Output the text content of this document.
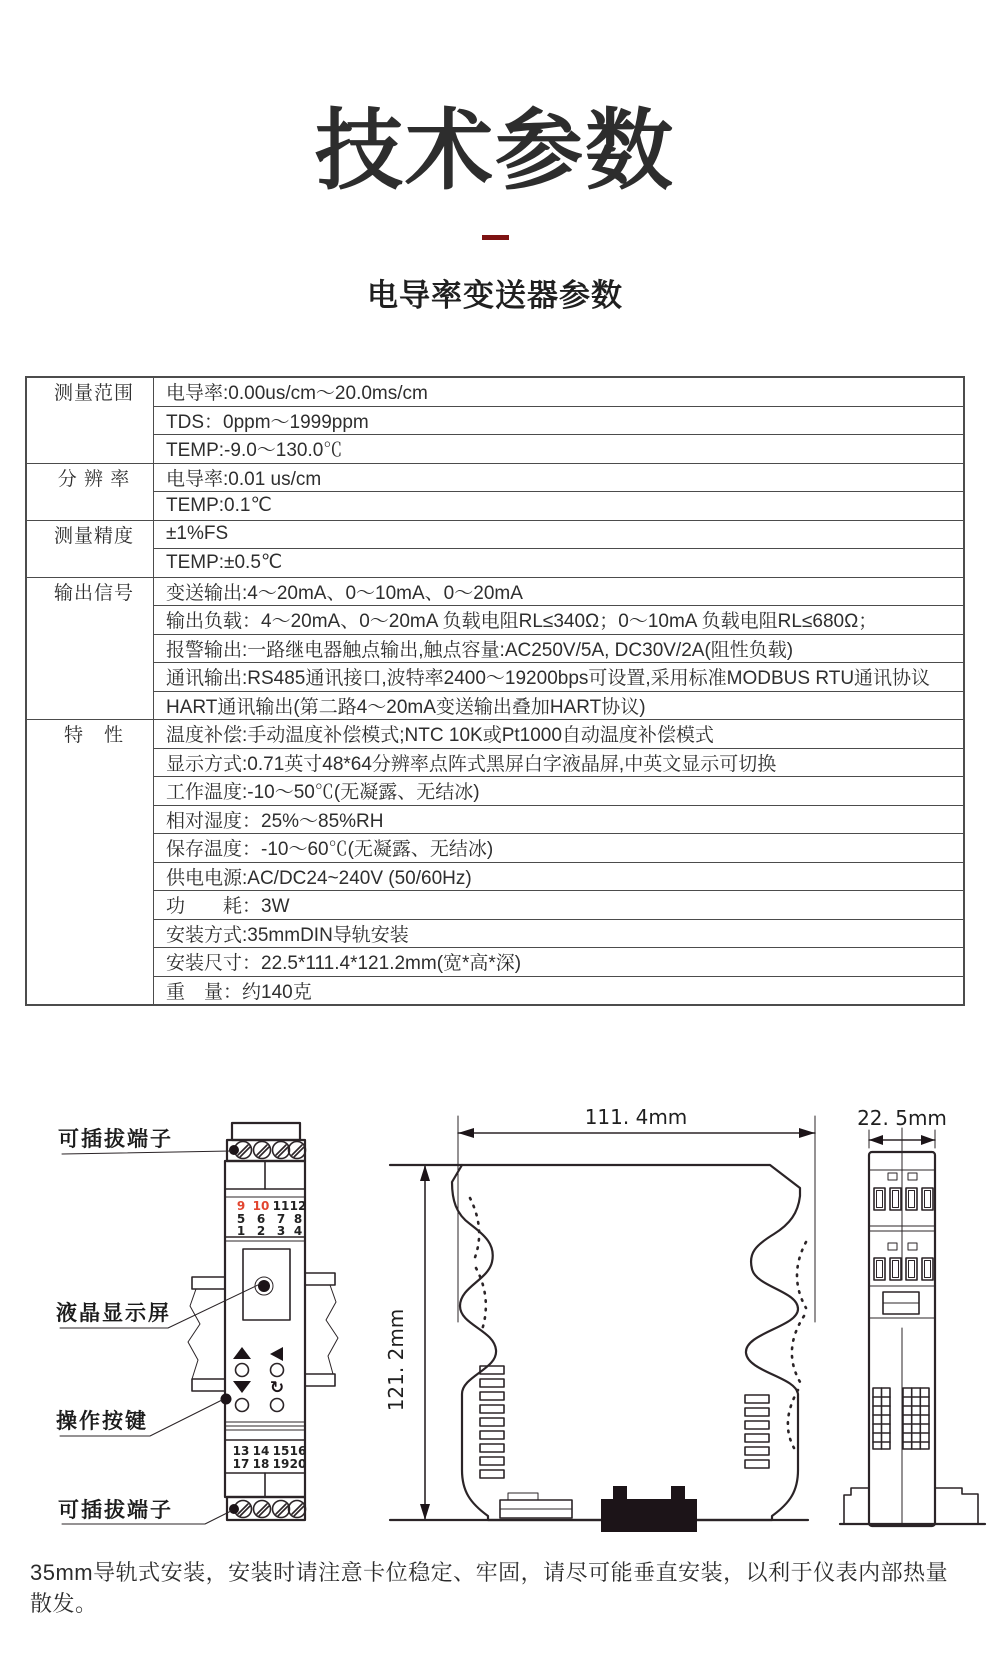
技术参数
电导率变送器参数
测量范围	电导率:0.00us/cm～20.0ms/cm
	TDS：0ppm～1999ppm
	TEMP:-9.0～130.0℃
分 辨 率	电导率:0.01 us/cm
	TEMP:0.1℃
测量精度	±1%FS
	TEMP:±0.5℃
输出信号	变送输出:4～20mA、0～10mA、0～20mA
	输出负载：4～20mA、0～20mA 负载电阻RL≤340Ω；0～10mA 负载电阻RL≤680Ω；
	报警输出:一路继电器触点输出,触点容量:AC250V/5A, DC30V/2A(阻性负载)
	通讯输出:RS485通讯接口,波特率2400～19200bps可设置,采用标准MODBUS RTU通讯协议
	HART通讯输出(第二路4～20mA变送输出叠加HART协议)
特　性	温度补偿:手动温度补偿模式;NTC 10K或Pt1000自动温度补偿模式
	显示方式:0.71英寸48*64分辨率点阵式黑屏白字液晶屏,中英文显示可切换
	工作温度:-10～50℃(无凝露、无结冰)
	相对湿度：25%～85%RH
	保存温度：-10～60℃(无凝露、无结冰)
	供电电源:AC/DC24~240V (50/60Hz)
	功　　耗：3W
	安装方式:35mmDIN导轨安装
	安装尺寸：22.5*111.4*121.2mm(宽*高*深)
	重　量：约140克
9 10 11 12
5 6 7 8
1 2 3 4
↻
13 14 15 16
17 18 19 20
可插拔端子
液晶显示屏
操作按键
可插拔端子
111. 4mm
121. 2mm
22. 5mm

35mm导轨式安装，安装时请注意卡位稳定、牢固，请尽可能垂直安装，以利于仪表内部热量散发。
